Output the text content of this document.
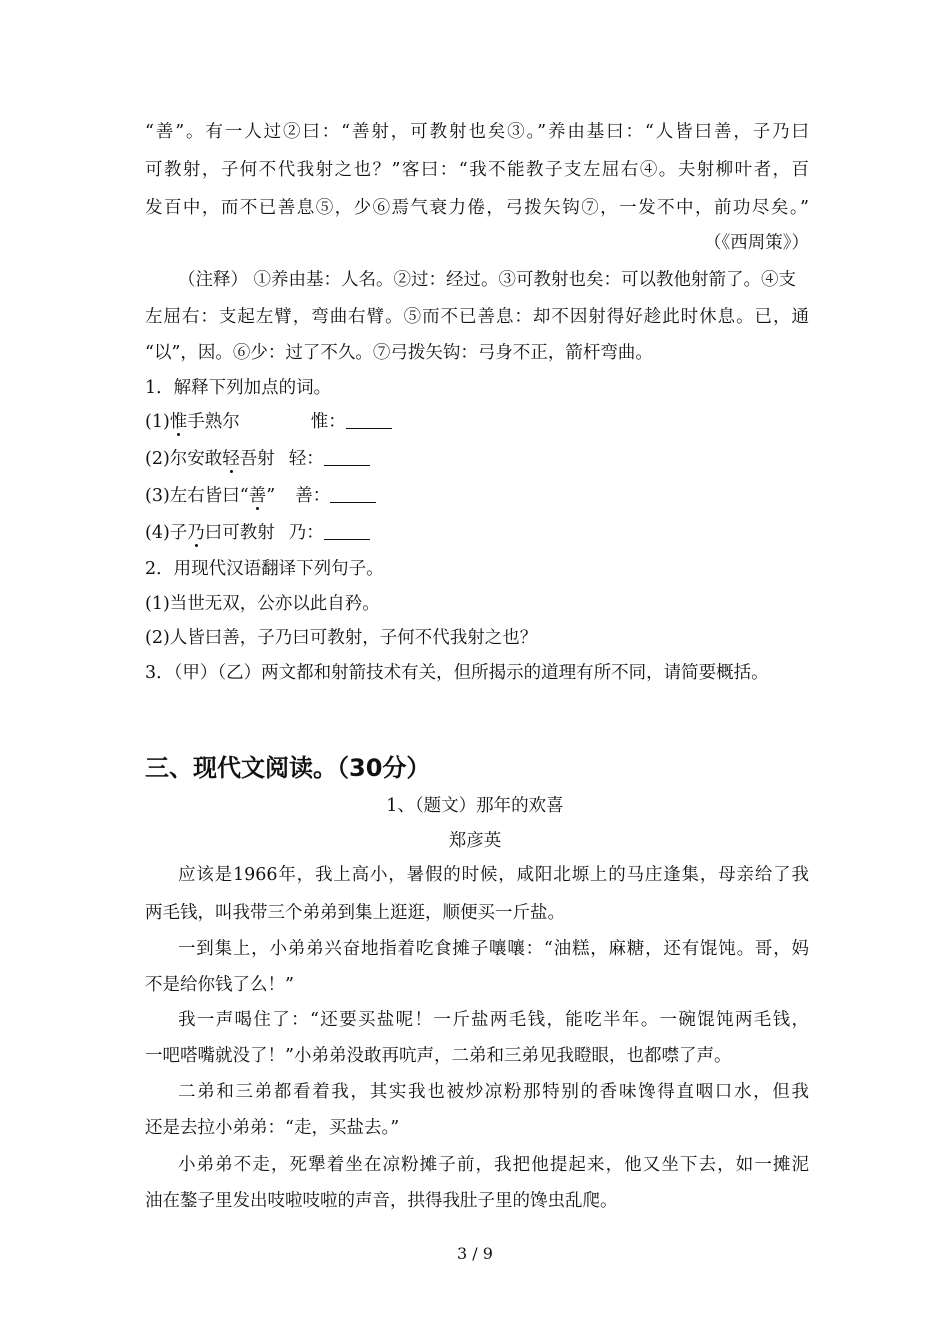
“善”。有一人过②曰：“善射，可教射也矣③。”养由基曰：“人皆曰善，子乃曰
可教射，子何不代我射之也？”客曰：“我不能教子支左屈右④。夫射柳叶者，百
发百中，而不已善息⑤，少⑥焉气衰力倦，弓拨矢钩⑦，一发不中，前功尽矣。”
（《西周策》）
（注释） ①养由基：人名。②过：经过。③可教射也矣：可以教他射箭了。④支
左屈右：支起左臂，弯曲右臂。⑤而不已善息：却不因射得好趁此时休息。已，通
“以”，因。⑥少：过了不久。⑦弓拨矢钩：弓身不正，箭杆弯曲。
1．解释下列加点的词。
(1)惟手熟尔	惟：
(2)尔安敢轻吾射 轻：
(3)左右皆曰“善” 善：
(4)子乃曰可教射 乃：
2．用现代汉语翻译下列句子。
(1)当世无双，公亦以此自矜。
(2)人皆曰善，子乃曰可教射，子何不代我射之也？
3．（甲）（乙）两文都和射箭技术有关，但所揭示的道理有所不同，请简要概括。
三、现代文阅读。（30分）
1、（题文）那年的欢喜
郑彦英
应该是1966年，我上高小，暑假的时候，咸阳北塬上的马庄逢集，母亲给了我
两毛钱，叫我带三个弟弟到集上逛逛，顺便买一斤盐。
一到集上，小弟弟兴奋地指着吃食摊子嚷嚷：“油糕，麻糖，还有馄饨。哥，妈
不是给你钱了么！”
我一声喝住了：“还要买盐呢！一斤盐两毛钱，能吃半年。一碗馄饨两毛钱，
一吧嗒嘴就没了！”小弟弟没敢再吭声，二弟和三弟见我瞪眼，也都噤了声。
二弟和三弟都看着我，其实我也被炒凉粉那特别的香味馋得直咽口水，但我
还是去拉小弟弟：“走，买盐去。”
小弟弟不走，死犟着坐在凉粉摊子前，我把他提起来，他又坐下去，如一摊泥
油在鏊子里发出吱啦吱啦的声音，拱得我肚子里的馋虫乱爬。
3 / 9
